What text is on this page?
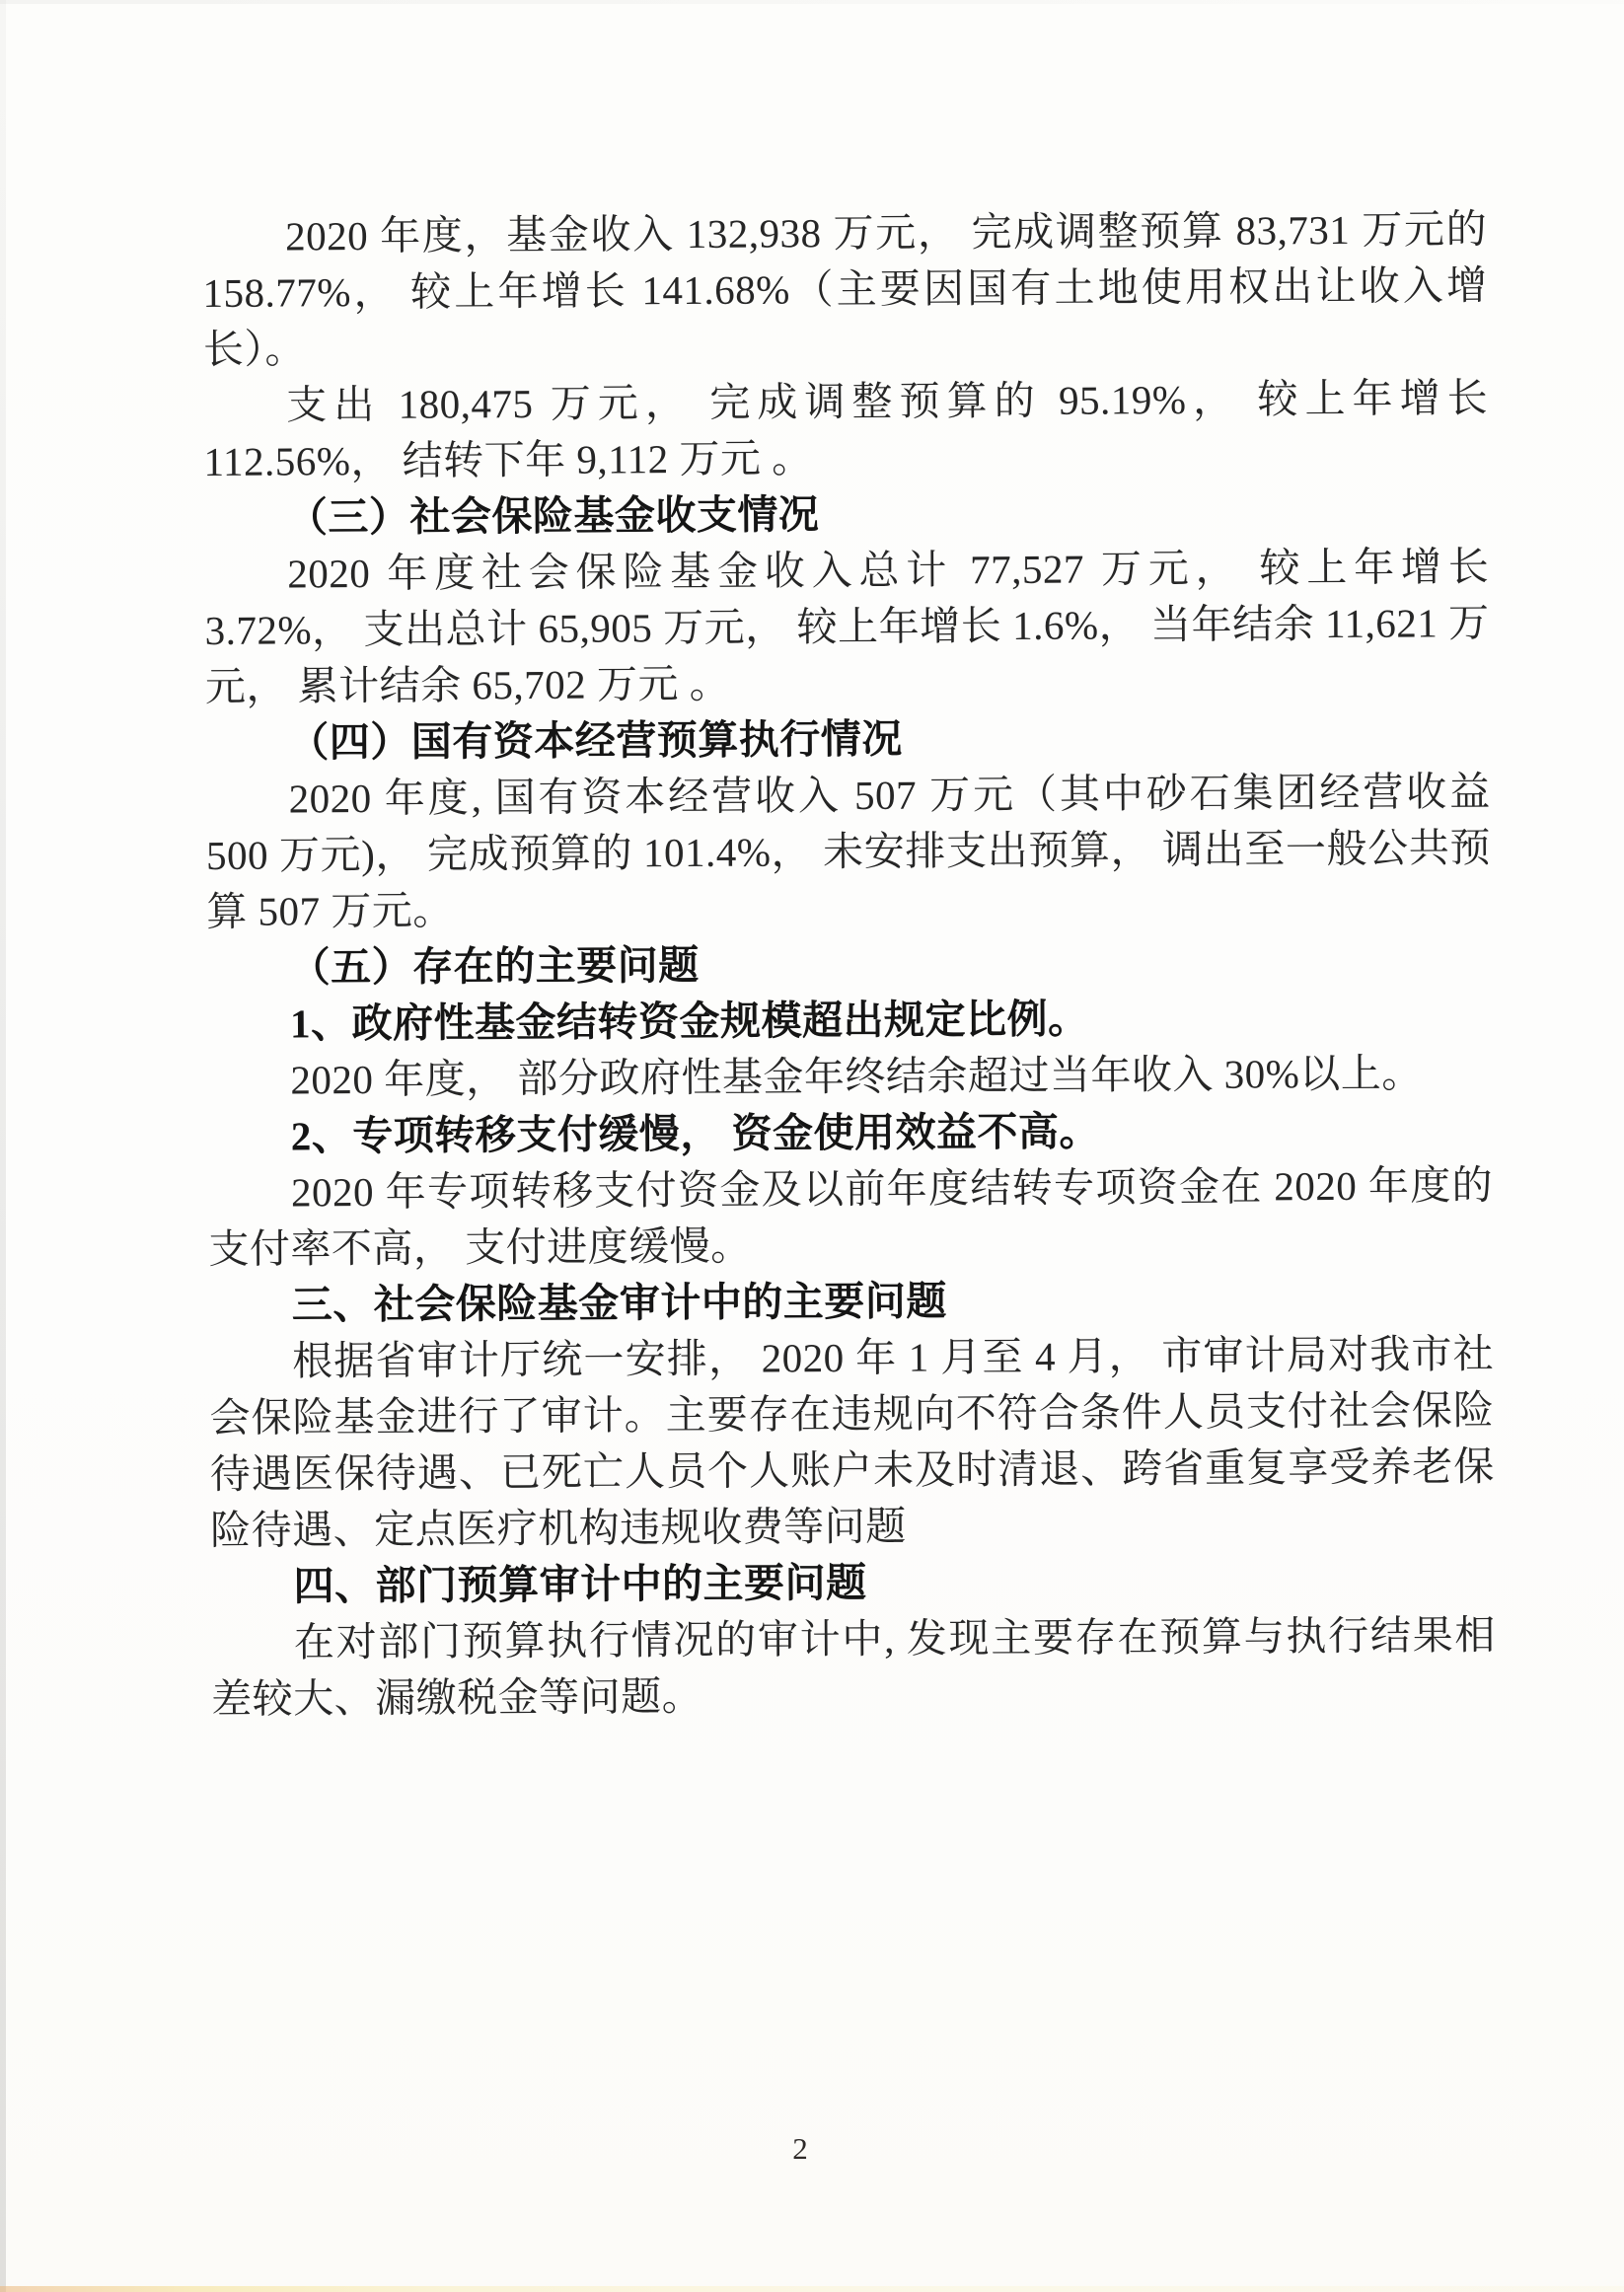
2020 年度，基金收入 132,938 万元， 完成调整预算 83,731 万元的 158.77%， 较上年增长 141.68%（主要因国有土地使用权出让收入增长）。

支出 180,475 万元， 完成调整预算的 95.19%， 较上年增长 112.56%， 结转下年 9,112 万元 。

（三）社会保险基金收支情况

2020 年度社会保险基金收入总计 77,527 万元， 较上年增长 3.72%， 支出总计 65,905 万元， 较上年增长 1.6%， 当年结余 11,621 万元， 累计结余 65,702 万元 。

（四）国有资本经营预算执行情况

2020 年度, 国有资本经营收入 507 万元（其中砂石集团经营收益 500 万元)， 完成预算的 101.4%， 未安排支出预算， 调出至一般公共预算 507 万元。

（五）存在的主要问题

1、政府性基金结转资金规模超出规定比例。

2020 年度， 部分政府性基金年终结余超过当年收入 30%以上。

2、专项转移支付缓慢， 资金使用效益不高。

2020 年专项转移支付资金及以前年度结转专项资金在 2020 年度的支付率不高， 支付进度缓慢。

三、社会保险基金审计中的主要问题

根据省审计厅统一安排， 2020 年 1 月至 4 月， 市审计局对我市社会保险基金进行了审计。主要存在违规向不符合条件人员支付社会保险待遇医保待遇、已死亡人员个人账户未及时清退、跨省重复享受养老保险待遇、定点医疗机构违规收费等问题

四、部门预算审计中的主要问题

在对部门预算执行情况的审计中, 发现主要存在预算与执行结果相差较大、漏缴税金等问题。

2
